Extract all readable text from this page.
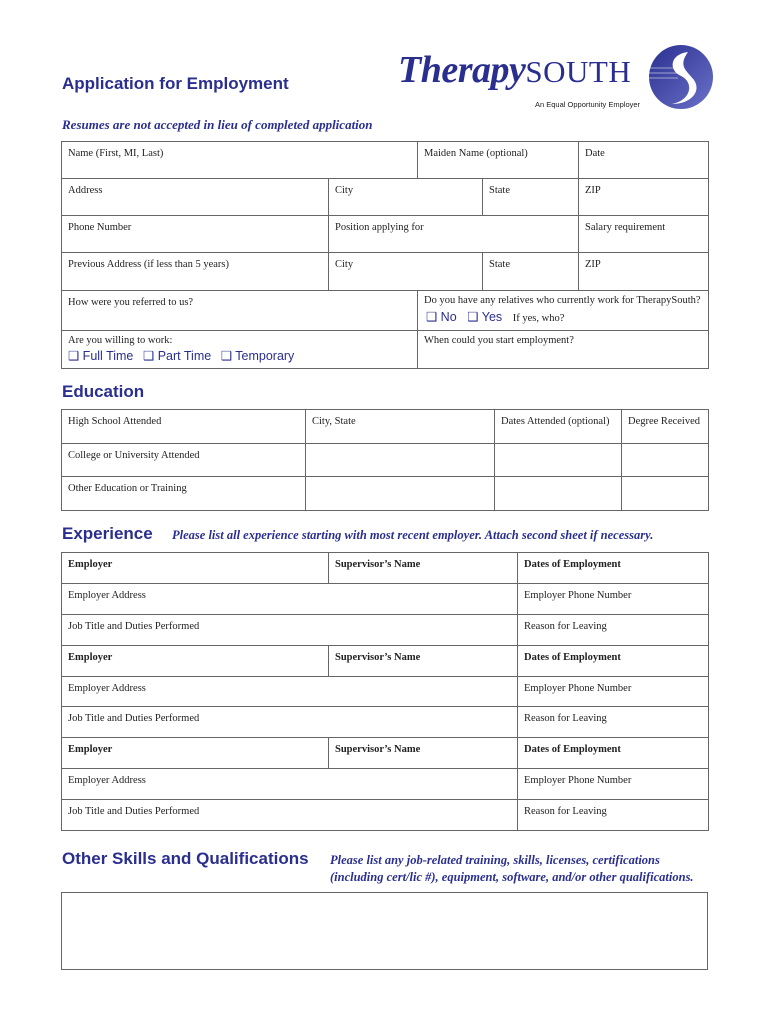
Application for Employment	TherapySOUTH
An Equal Opportunity Employer
Resumes are not accepted in lieu of completed application
Name (First, MI, Last)	Maiden Name (optional)	Date
Address	City	State	ZIP
Phone Number	Position applying for	Salary requirement
Previous Address (if less than 5 years)	City	State	ZIP
How were you referred to us?	Do you have any relatives who currently work for TherapySouth?
❑ No ❑ Yes If yes, who?
Are you willing to work:
❑ Full Time ❑ Part Time ❑ Temporary
When could you start employment?
Education
High School Attended	City, State	Dates Attended (optional)	Degree Received
College or University Attended
Other Education or Training
Experience Please list all experience starting with most recent employer. Attach second sheet if necessary.
Employer	Supervisor’s Name	Dates of Employment
Employer Address	Employer Phone Number
Job Title and Duties Performed	Reason for Leaving
Employer	Supervisor’s Name	Dates of Employment
Employer Address	Employer Phone Number
Job Title and Duties Performed	Reason for Leaving
Employer	Supervisor’s Name	Dates of Employment
Employer Address	Employer Phone Number
Job Title and Duties Performed	Reason for Leaving
Other Skills and Qualifications Please list any job-related training, skills, licenses, certifications
(including cert/lic #), equipment, software, and/or other qualifications.
